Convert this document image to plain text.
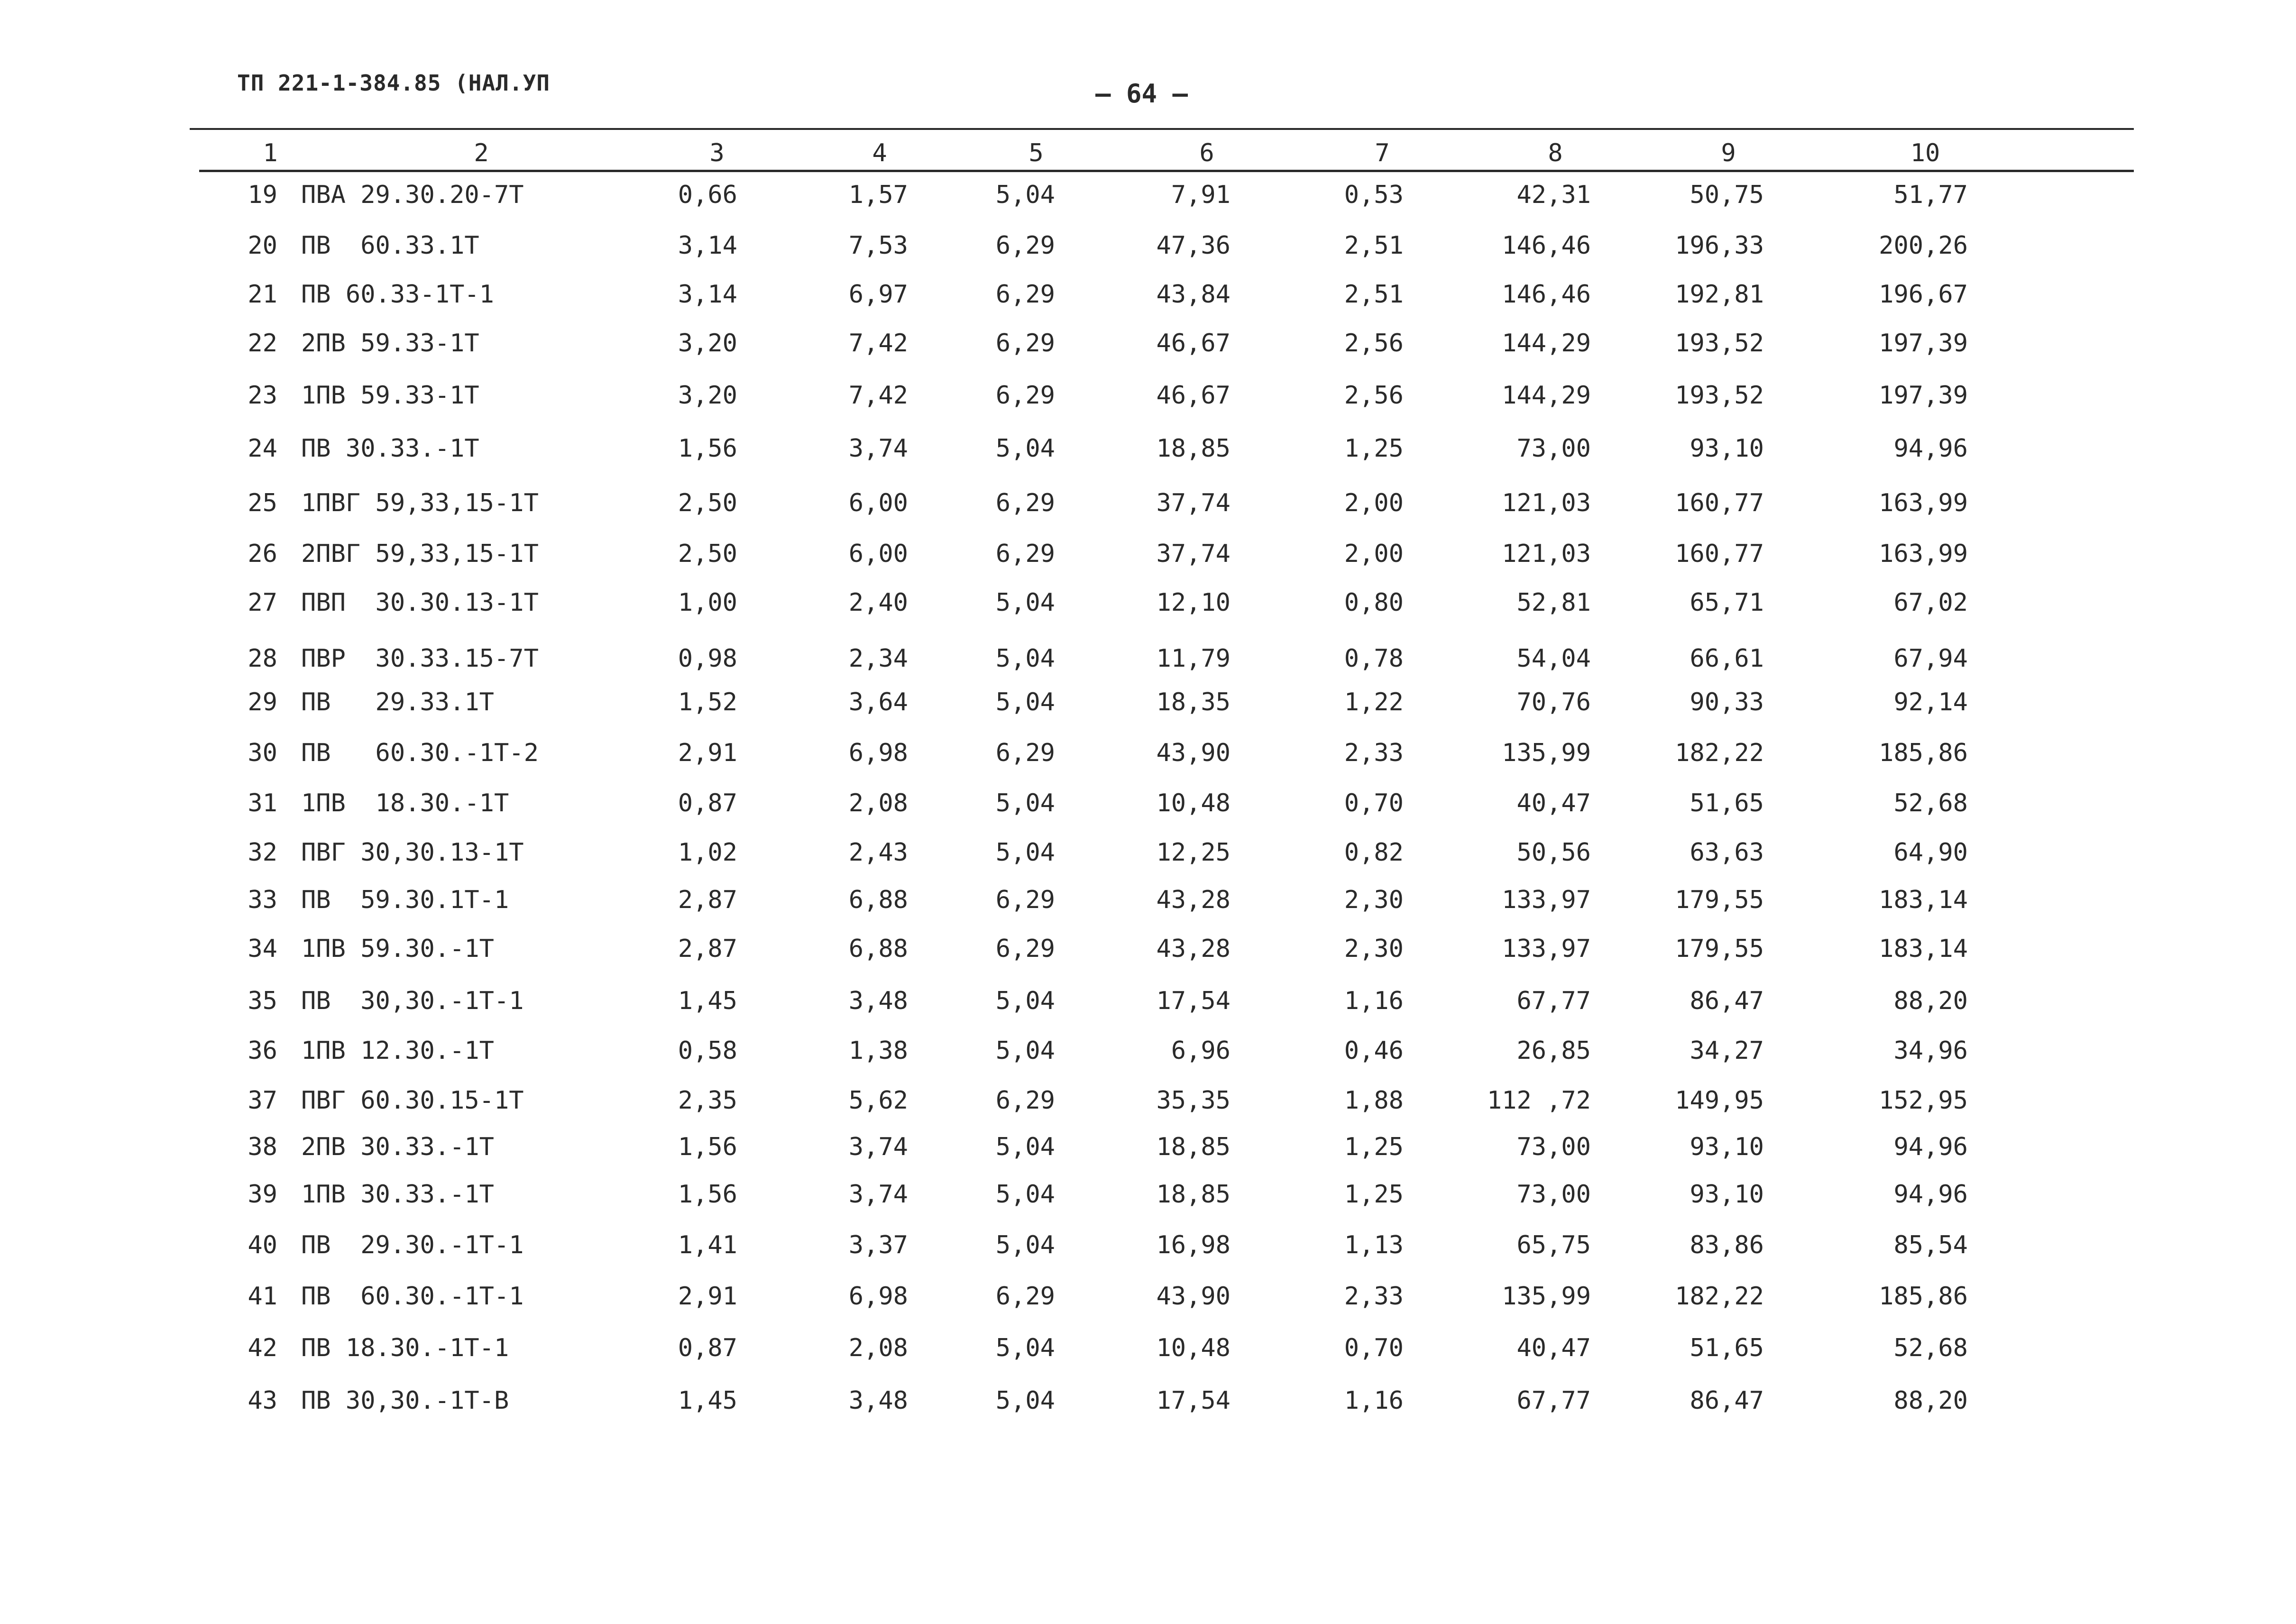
ТП 221-1-384.85 (НАЛ.УП	– 64 –
1	2	3	4	5	6	7	8	9	10
19 ПВА 29.30.20-7Т	0,66	1,57	5,04	7,91	0,53	42,31	50,75	51,77
20 ПВ  60.33.1Т	3,14	7,53	6,29	47,36	2,51	146,46	196,33	200,26
21 ПВ 60.33-1Т-1	3,14	6,97	6,29	43,84	2,51	146,46	192,81	196,67
22 2ПВ 59.33-1Т	3,20	7,42	6,29	46,67	2,56	144,29	193,52	197,39
23 1ПВ 59.33-1Т	3,20	7,42	6,29	46,67	2,56	144,29	193,52	197,39
24 ПВ 30.33.-1Т	1,56	3,74	5,04	18,85	1,25	73,00	93,10	94,96
25 1ПВГ 59,33,15-1Т	2,50	6,00	6,29	37,74	2,00	121,03	160,77	163,99
26 2ПВГ 59,33,15-1Т	2,50	6,00	6,29	37,74	2,00	121,03	160,77	163,99
27 ПВП  30.30.13-1Т	1,00	2,40	5,04	12,10	0,80	52,81	65,71	67,02
28 ПВР  30.33.15-7Т	0,98	2,34	5,04	11,79	0,78	54,04	66,61	67,94
29 ПВ   29.33.1Т	1,52	3,64	5,04	18,35	1,22	70,76	90,33	92,14
30 ПВ   60.30.-1Т-2	2,91	6,98	6,29	43,90	2,33	135,99	182,22	185,86
31 1ПВ  18.30.-1Т	0,87	2,08	5,04	10,48	0,70	40,47	51,65	52,68
32 ПВГ 30,30.13-1Т	1,02	2,43	5,04	12,25	0,82	50,56	63,63	64,90
33 ПВ  59.30.1Т-1	2,87	6,88	6,29	43,28	2,30	133,97	179,55	183,14
34 1ПВ 59.30.-1Т	2,87	6,88	6,29	43,28	2,30	133,97	179,55	183,14
35 ПВ  30,30.-1Т-1	1,45	3,48	5,04	17,54	1,16	67,77	86,47	88,20
36 1ПВ 12.30.-1Т	0,58	1,38	5,04	6,96	0,46	26,85	34,27	34,96
37 ПВГ 60.30.15-1Т	2,35	5,62	6,29	35,35	1,88	112 ,72	149,95	152,95
38 2ПВ 30.33.-1Т	1,56	3,74	5,04	18,85	1,25	73,00	93,10	94,96
39 1ПВ 30.33.-1Т	1,56	3,74	5,04	18,85	1,25	73,00	93,10	94,96
40 ПВ  29.30.-1Т-1	1,41	3,37	5,04	16,98	1,13	65,75	83,86	85,54
41 ПВ  60.30.-1Т-1	2,91	6,98	6,29	43,90	2,33	135,99	182,22	185,86
42 ПВ 18.30.-1Т-1	0,87	2,08	5,04	10,48	0,70	40,47	51,65	52,68
43 ПВ 30,30.-1Т-В	1,45	3,48	5,04	17,54	1,16	67,77	86,47	88,20
